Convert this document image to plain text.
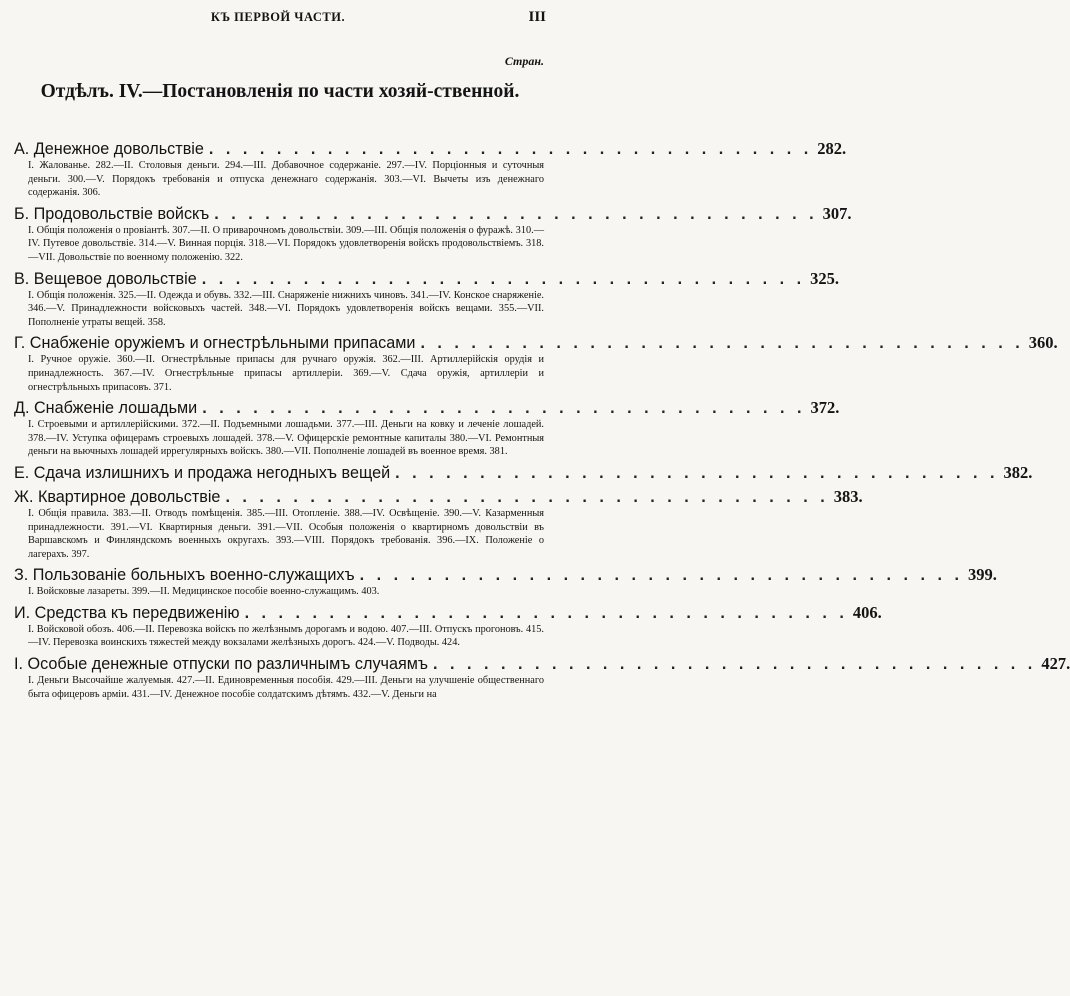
КЪ ПЕРВОЙ ЧАСТИ.	III
Стран.
Отдѣлъ. IV.—Постановленія по части хозяй-ственной.
А. Денежное довольствіе . . . . . . . . . . . . . . . . . . . . . . . . . . . . . . . . . . . . 282.
I. Жалованье. 282.—II. Столовыя деньги. 294.—III. Добавочное содержаніе. 297.—IV. Порціонныя и суточныя деньги. 300.—V. Порядокъ требованія и отпуска денежнаго содержанія. 303.—VI. Вычеты изъ денежнаго содержанія. 306.
Б. Продовольствіе войскъ . . . . . . . . . . . . . . . . . . . . . . . . . . . . . . . . . . . . 307.
I. Общія положенія о провіантѣ. 307.—II. О приварочномъ довольствіи. 309.—III. Общія положенія о фуражѣ. 310.—IV. Путевое довольствіе. 314.—V. Винная порція. 318.—VI. Порядокъ удовлетворенія войскъ продовольствіемъ. 318.—VII. Довольствіе по военному положенію. 322.
В. Вещевое довольствіе . . . . . . . . . . . . . . . . . . . . . . . . . . . . . . . . . . . . 325.
I. Общія положенія. 325.—II. Одежда и обувь. 332.—III. Снаряженіе нижнихъ чиновъ. 341.—IV. Конское снаряженіе. 346.—V. Принадлежности войсковыхъ частей. 348.—VI. Порядокъ удовлетворенія войскъ вещами. 355.—VII. Пополненіе утраты вещей. 358.
Г. Снабженіе оружіемъ и огнестрѣльными припасами . . . . . . . . . . . . . . . . . . . . . . . . . . . . . . . . . . . . 360.
I. Ручное оружіе. 360.—II. Огнестрѣльные припасы для ручнаго оружія. 362.—III. Артиллерійскія орудія и принадлежность. 367.—IV. Огнестрѣльные припасы артиллеріи. 369.—V. Сдача оружія, артиллеріи и огнестрѣльныхъ припасовъ. 371.
Д. Снабженіе лошадьми . . . . . . . . . . . . . . . . . . . . . . . . . . . . . . . . . . . . 372.
I. Строевыми и артиллерійскими. 372.—II. Подъемными лошадьми. 377.—III. Деньги на ковку и леченіе лошадей. 378.—IV. Уступка офицерамъ строевыхъ лошадей. 378.—V. Офицерскіе ремонтные капиталы 380.—VI. Ремонтныя деньги на вьючныхъ лошадей иррегулярныхъ войскъ. 380.—VII. Пополненіе лошадей въ военное время. 381.
Е. Сдача излишнихъ и продажа негодныхъ вещей . . . . . . . . . . . . . . . . . . . . . . . . . . . . . . . . . . . . 382.
Ж. Квартирное довольствіе . . . . . . . . . . . . . . . . . . . . . . . . . . . . . . . . . . . . 383.
I. Общія правила. 383.—II. Отводъ помѣщенія. 385.—III. Отопленіе. 388.—IV. Освѣщеніе. 390.—V. Казарменныя принадлежности. 391.—VI. Квартирныя деньги. 391.—VII. Особыя положенія о квартирномъ довольствіи въ Варшавскомъ и Финляндскомъ военныхъ округахъ. 393.—VIII. Порядокъ требованія. 396.—IX. Положеніе о лагерахъ. 397.
З. Пользованіе больныхъ военно-служащихъ . . . . . . . . . . . . . . . . . . . . . . . . . . . . . . . . . . . . 399.
I. Войсковые лазареты. 399.—II. Медицинское пособіе военно-служащимъ. 403.
И. Средства къ передвиженію . . . . . . . . . . . . . . . . . . . . . . . . . . . . . . . . . . . . 406.
I. Войсковой обозъ. 406.—II. Перевозка войскъ по желѣзнымъ дорогамъ и водою. 407.—III. Отпускъ прогоновъ. 415.—IV. Перевозка воинскихъ тяжестей между вокзалами желѣзныхъ дорогъ. 424.—V. Подводы. 424.
І. Особые денежные отпуски по различнымъ случаямъ . . . . . . . . . . . . . . . . . . . . . . . . . . . . . . . . . . . . 427.
I. Деньги Высочайше жалуемыя. 427.—II. Единовременныя пособія. 429.—III. Деньги на улучшеніе общественнаго быта офицеровъ арміи. 431.—IV. Денежное пособіе солдатскимъ дѣтямъ. 432.—V. Деньги на
